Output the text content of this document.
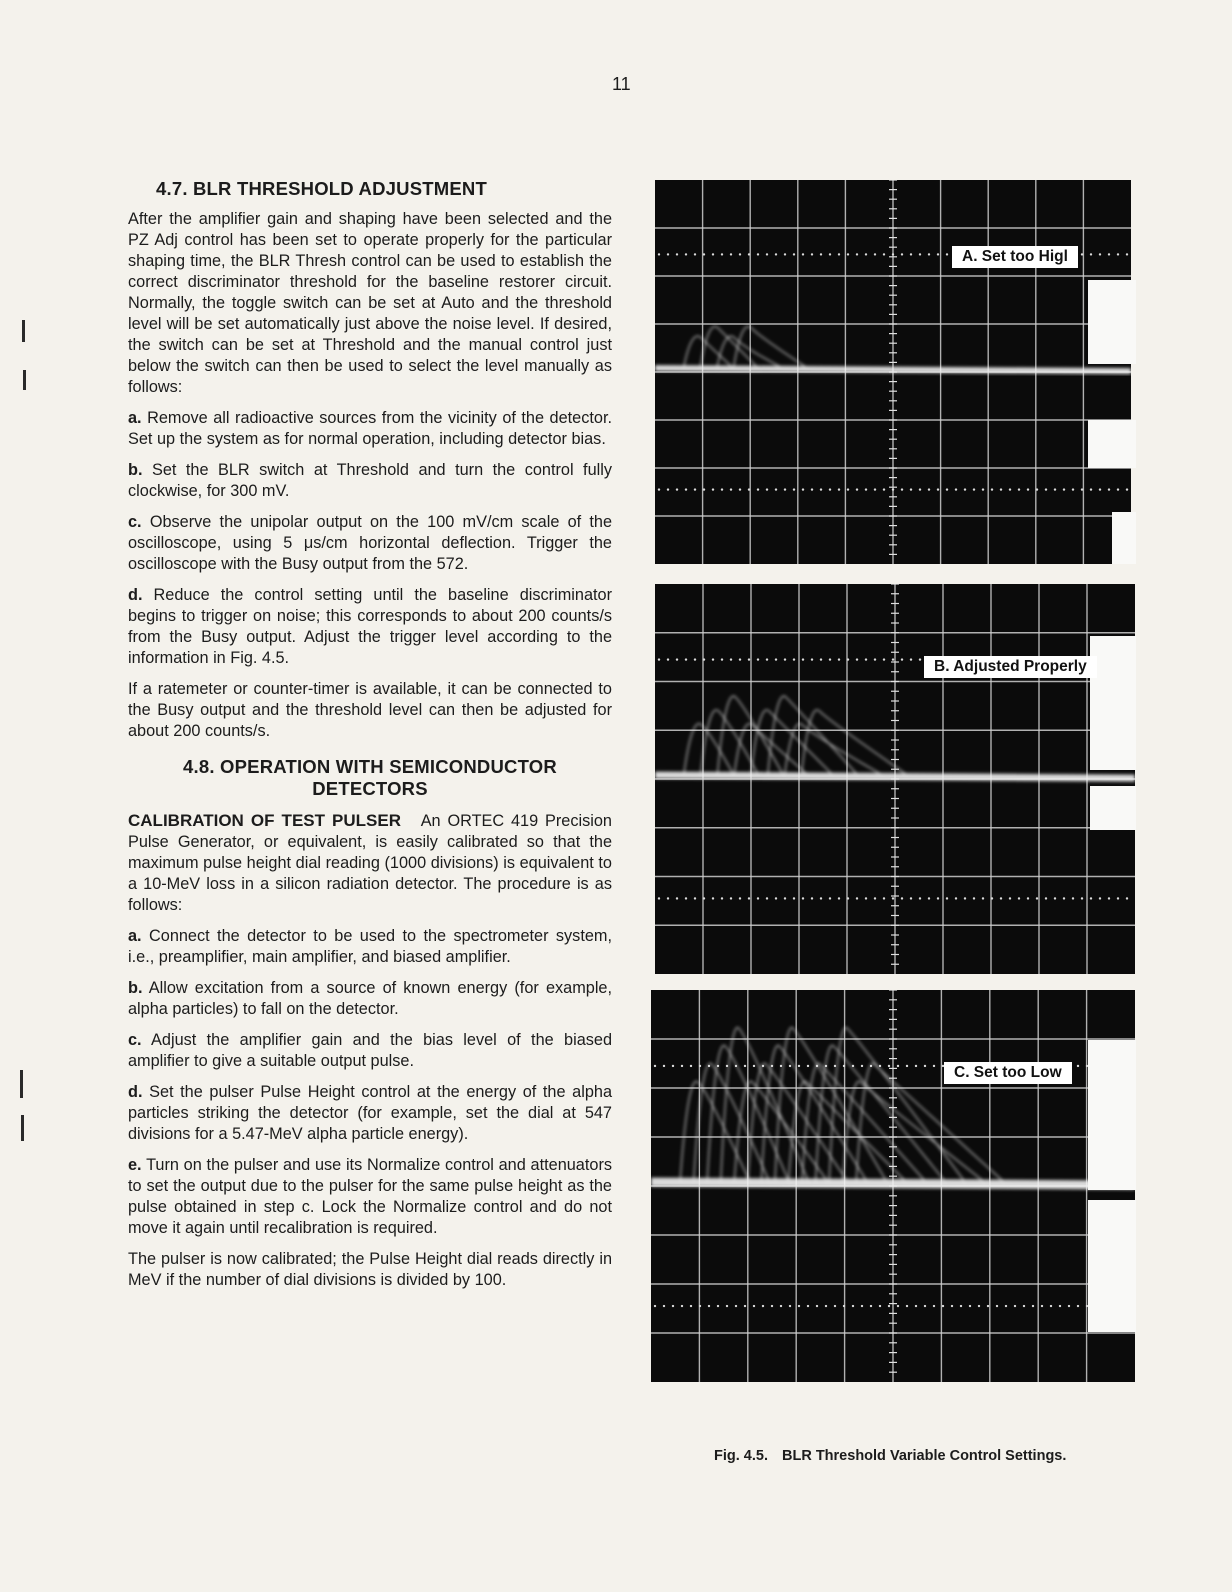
11
4.7. BLR THRESHOLD ADJUSTMENT

After the amplifier gain and shaping have been selected and the PZ Adj control has been set to operate properly for the particular shaping time, the BLR Thresh control can be used to establish the correct discriminator threshold for the baseline restorer circuit. Normally, the toggle switch can be set at Auto and the threshold level will be set automatically just above the noise level. If desired, the switch can be set at Threshold and the manual control just below the switch can then be used to select the level manually as follows:

a. Remove all radioactive sources from the vicinity of the detector. Set up the system as for normal operation, including detector bias.

b. Set the BLR switch at Threshold and turn the control fully clockwise, for 300 mV.

c. Observe the unipolar output on the 100 mV/cm scale of the oscilloscope, using 5 μs/cm horizontal deflection. Trigger the oscilloscope with the Busy output from the 572.

d. Reduce the control setting until the baseline discriminator begins to trigger on noise; this corresponds to about 200 counts/s from the Busy output. Adjust the trigger level according to the information in Fig. 4.5.

If a ratemeter or counter-timer is available, it can be connected to the Busy output and the threshold level can then be adjusted for about 200 counts/s.

4.8. OPERATION WITH SEMICONDUCTOR
DETECTORS

CALIBRATION OF TEST PULSER An ORTEC 419 Precision Pulse Generator, or equivalent, is easily calibrated so that the maximum pulse height dial reading (1000 divisions) is equivalent to a 10-MeV loss in a silicon radiation detector. The procedure is as follows:

a. Connect the detector to be used to the spectrometer system, i.e., preamplifier, main amplifier, and biased amplifier.

b. Allow excitation from a source of known energy (for example, alpha particles) to fall on the detector.

c. Adjust the amplifier gain and the bias level of the biased amplifier to give a suitable output pulse.

d. Set the pulser Pulse Height control at the energy of the alpha particles striking the detector (for example, set the dial at 547 divisions for a 5.47-MeV alpha particle energy).

e. Turn on the pulser and use its Normalize control and attenuators to set the output due to the pulser for the same pulse height as the pulse obtained in step c. Lock the Normalize control and do not move it again until recalibration is required.

The pulser is now calibrated; the Pulse Height dial reads directly in MeV if the number of dial divisions is divided by 100.

A. Set too Higl
B. Adjusted Properly
C. Set too Low
Fig. 4.5. BLR Threshold Variable Control Settings.
